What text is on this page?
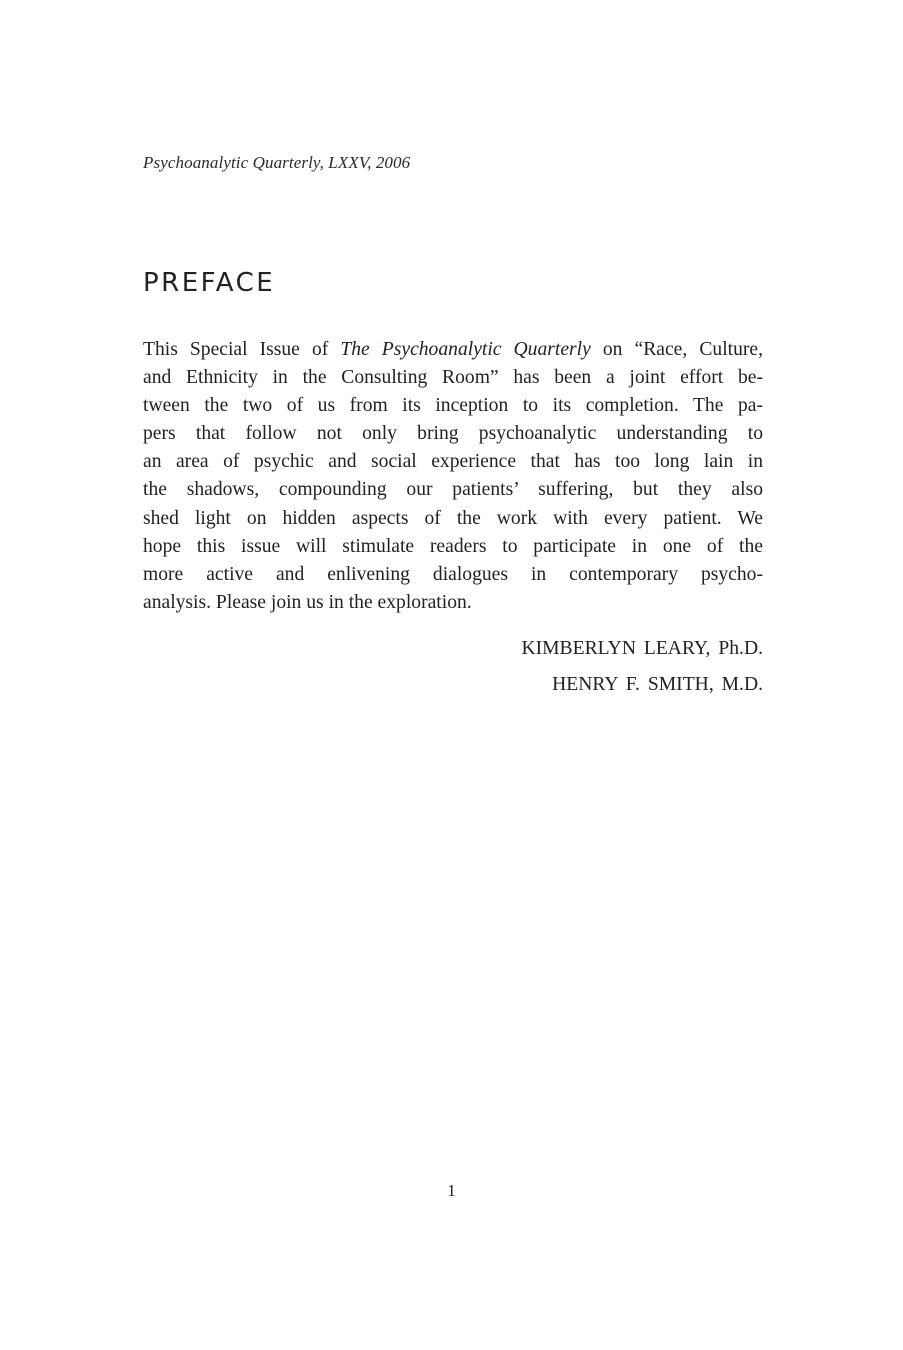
Psychoanalytic Quarterly, LXXV, 2006
PREFACE
This Special Issue of The Psychoanalytic Quarterly on “Race, Culture,
and Ethnicity in the Consulting Room” has been a joint effort be-
tween the two of us from its inception to its completion. The pa-
pers that follow not only bring psychoanalytic understanding to
an area of psychic and social experience that has too long lain in
the shadows, compounding our patients’ suffering, but they also
shed light on hidden aspects of the work with every patient. We
hope this issue will stimulate readers to participate in one of the
more active and enlivening dialogues in contemporary psycho-
analysis. Please join us in the exploration.
KIMBERLYN LEARY, Ph.D.
HENRY F. SMITH, M.D.
1
